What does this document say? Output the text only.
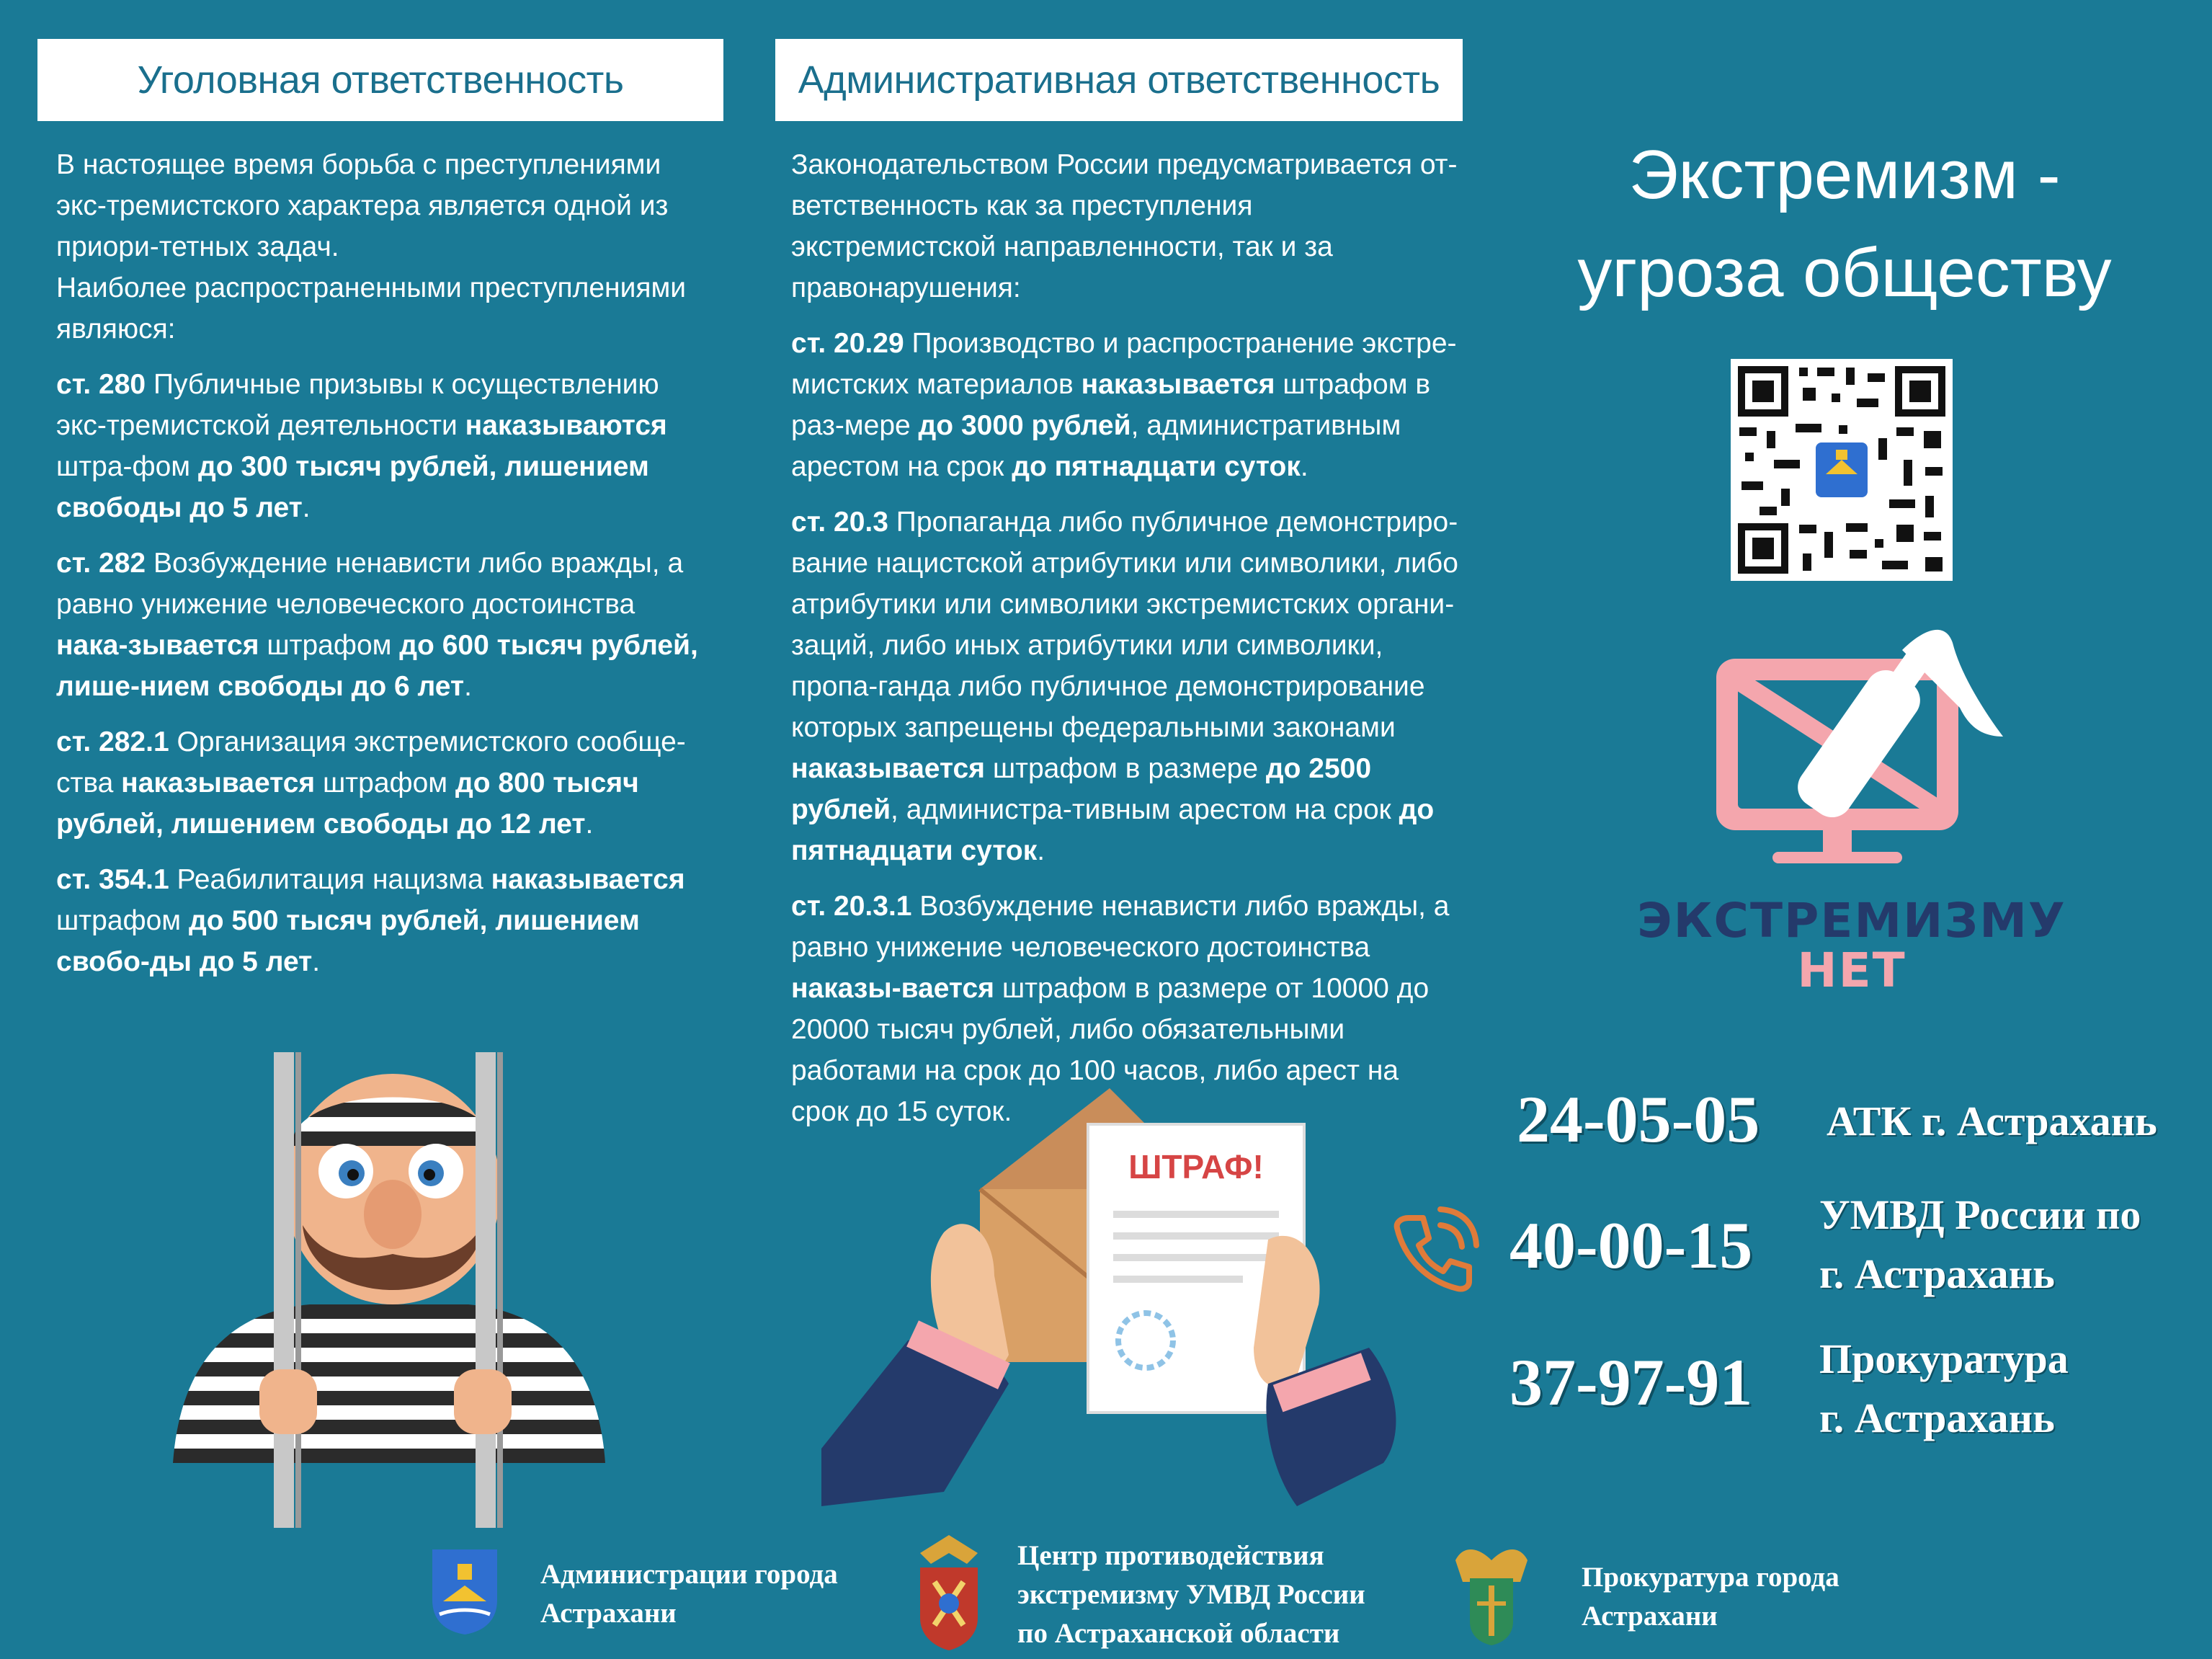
Уголовная ответственность	Административная ответственность

В настоящее время борьба с преступлениями экс-тремистского характера является одной из приори-тетных задач.
Наиболее распространенными преступлениями являюся:

ст. 280 Публичные призывы к осуществлению экс-тремистской деятельности наказываются штра-фом до 300 тысяч рублей, лишением свободы до 5 лет.

ст. 282 Возбуждение ненависти либо вражды, а равно унижение человеческого достоинства нака-зывается штрафом до 600 тысяч рублей, лише-нием свободы до 6 лет.

ст. 282.1 Организация экстремистского сообще-ства наказывается штрафом до 800 тысяч рублей, лишением свободы до 12 лет.

ст. 354.1 Реабилитация нацизма наказывается штрафом до 500 тысяч рублей, лишением свобо-ды до 5 лет.

Законодательством России предусматривается от-ветственность как за преступления экстремистской направленности, так и за правонарушения:

ст. 20.29 Производство и распространение экстре-мистских материалов наказывается штрафом в раз-мере до 3000 рублей, административным арестом на срок до пятнадцати суток.

ст. 20.3 Пропаганда либо публичное демонстриро-вание нацистской атрибутики или символики, либо атрибутики или символики экстремистских органи-заций, либо иных атрибутики или символики, пропа-ганда либо публичное демонстрирование которых запрещены федеральными законами наказывается штрафом в размере до 2500 рублей, администра-тивным арестом на срок до пятнадцати суток.

ст. 20.3.1 Возбуждение ненависти либо вражды, а равно унижение человеческого достоинства наказы-вается штрафом в размере от 10000 до 20000 тысяч рублей, либо обязательными работами на срок до 100 часов, либо арест на срок до 15 суток.

Экстремизм -
угроза обществу
ЭКСТРЕМИЗМУ
НЕТ
ШТРАФ!
24-05-05 АТК г. Астрахань
40-00-15 УМВД России по
г. Астрахань
37-97-91 Прокуратура
г. Астрахань
Администрации города
Астрахани
Центр противодействия
экстремизму УМВД России
по Астраханской области
Прокуратура города
Астрахани
